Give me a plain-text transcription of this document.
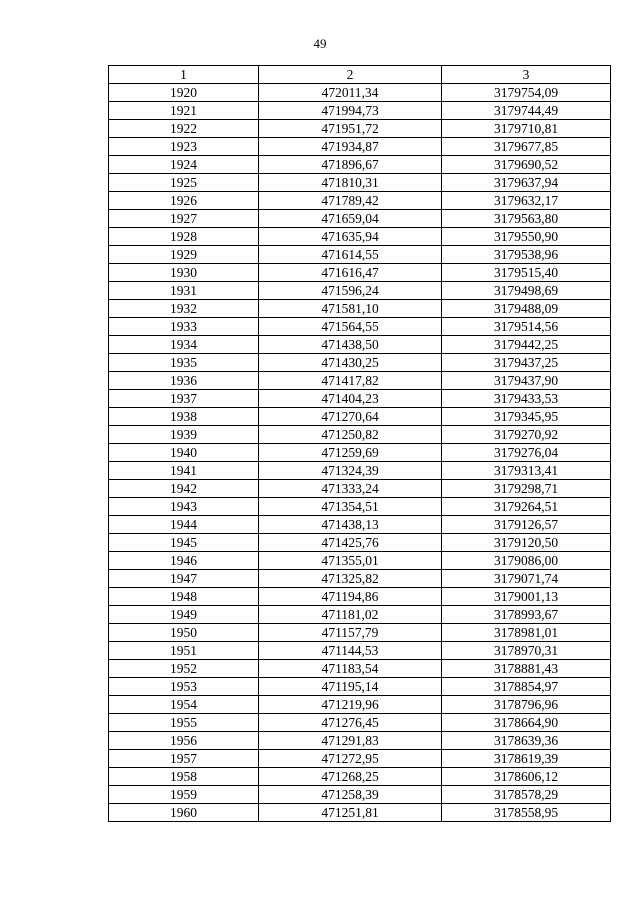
49
1	2	3
1920	472011,34	3179754,09
1921	471994,73	3179744,49
1922	471951,72	3179710,81
1923	471934,87	3179677,85
1924	471896,67	3179690,52
1925	471810,31	3179637,94
1926	471789,42	3179632,17
1927	471659,04	3179563,80
1928	471635,94	3179550,90
1929	471614,55	3179538,96
1930	471616,47	3179515,40
1931	471596,24	3179498,69
1932	471581,10	3179488,09
1933	471564,55	3179514,56
1934	471438,50	3179442,25
1935	471430,25	3179437,25
1936	471417,82	3179437,90
1937	471404,23	3179433,53
1938	471270,64	3179345,95
1939	471250,82	3179270,92
1940	471259,69	3179276,04
1941	471324,39	3179313,41
1942	471333,24	3179298,71
1943	471354,51	3179264,51
1944	471438,13	3179126,57
1945	471425,76	3179120,50
1946	471355,01	3179086,00
1947	471325,82	3179071,74
1948	471194,86	3179001,13
1949	471181,02	3178993,67
1950	471157,79	3178981,01
1951	471144,53	3178970,31
1952	471183,54	3178881,43
1953	471195,14	3178854,97
1954	471219,96	3178796,96
1955	471276,45	3178664,90
1956	471291,83	3178639,36
1957	471272,95	3178619,39
1958	471268,25	3178606,12
1959	471258,39	3178578,29
1960	471251,81	3178558,95
